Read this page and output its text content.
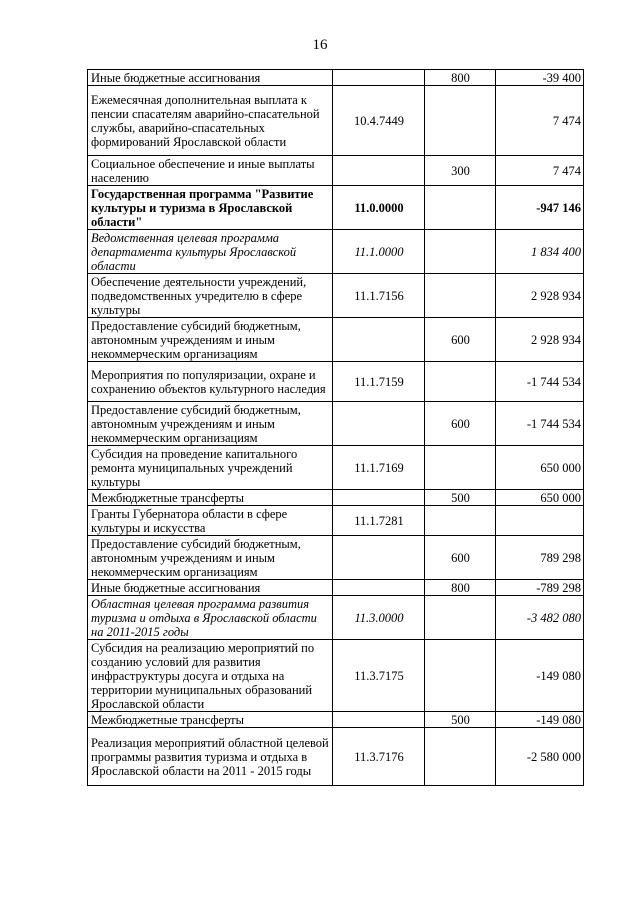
16
Иные бюджетные ассигнования		800	-39 400
Ежемесячная дополнительная выплата к пенсии спасателям аварийно-спасательной службы, аварийно-спасательных формирований Ярославской области	10.4.7449		7 474
Социальное обеспечение и иные выплаты населению		300	7 474
Государственная программа "Развитие культуры и туризма в Ярославской области"	11.0.0000		-947 146
Ведомственная целевая программа департамента культуры Ярославской области	11.1.0000		1 834 400
Обеспечение деятельности учреждений, подведомственных учредителю в сфере культуры	11.1.7156		2 928 934
Предоставление субсидий бюджетным, автономным учреждениям и иным некоммерческим организациям		600	2 928 934
Мероприятия по популяризации, охране и сохранению объектов культурного наследия	11.1.7159		-1 744 534
Предоставление субсидий бюджетным, автономным учреждениям и иным некоммерческим организациям		600	-1 744 534
Субсидия на проведение капитального ремонта муниципальных учреждений культуры	11.1.7169		650 000
Межбюджетные трансферты		500	650 000
Гранты Губернатора области в сфере культуры и искусства	11.1.7281		
Предоставление субсидий бюджетным, автономным учреждениям и иным некоммерческим организациям		600	789 298
Иные бюджетные ассигнования		800	-789 298
Областная целевая программа развития туризма и отдыха в Ярославской области на 2011-2015 годы	11.3.0000		-3 482 080
Субсидия на реализацию мероприятий по созданию условий для развития инфраструктуры досуга и отдыха на территории муниципальных образований Ярославской области	11.3.7175		-149 080
Межбюджетные трансферты		500	-149 080
Реализация мероприятий областной целевой программы развития туризма и отдыха в Ярославской области на 2011 - 2015 годы	11.3.7176		-2 580 000
